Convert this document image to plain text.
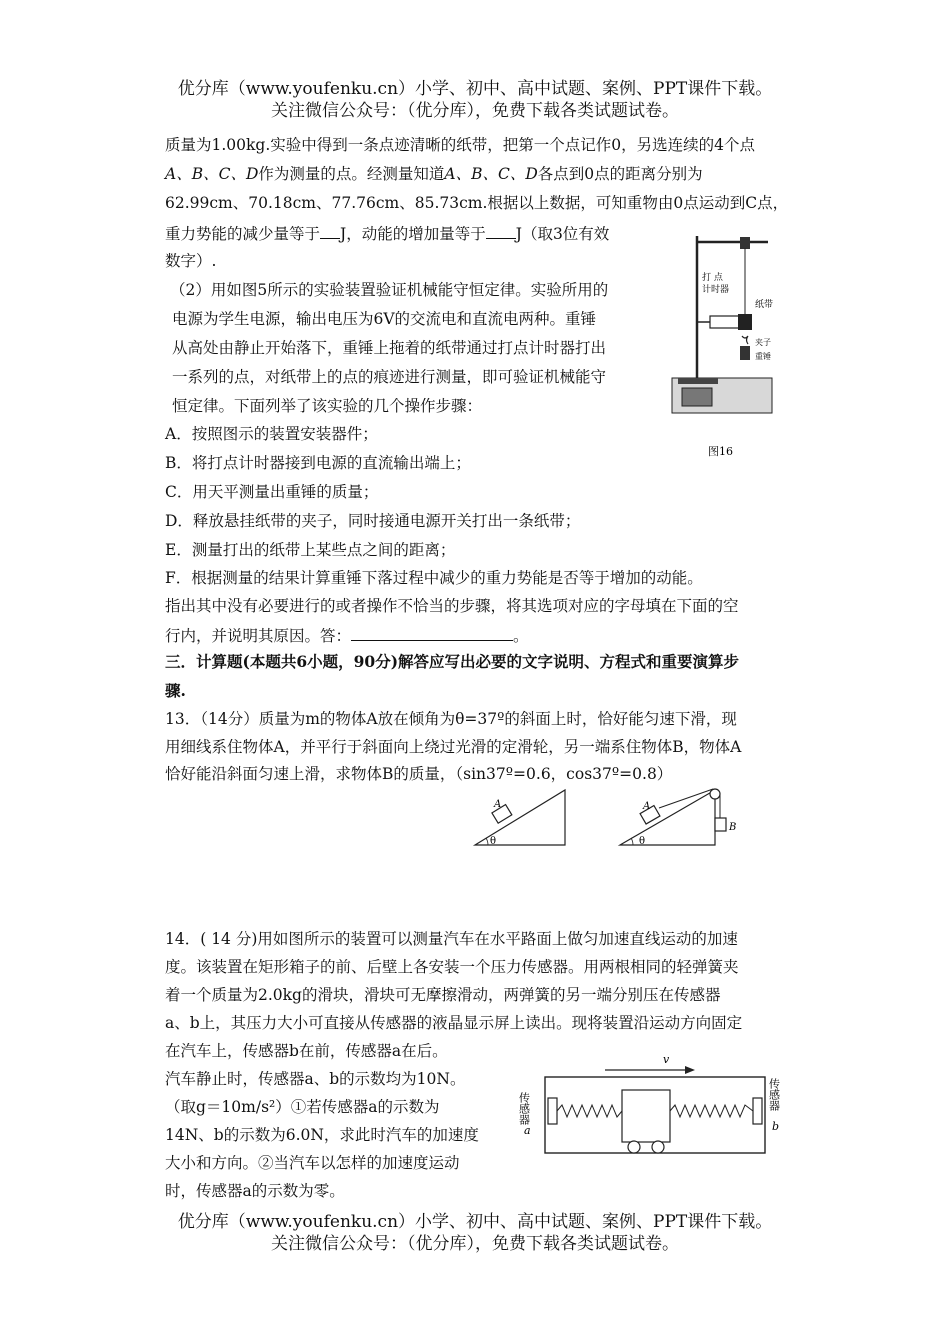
优分库（www.youfenku.cn）小学、初中、高中试题、案例、PPT课件下载。
关注微信公众号：（优分库），免费下载各类试题试卷。
质量为1.00kg.实验中得到一条点迹清晰的纸带，把第一个点记作0，另选连续的4个点
A、B、C、D作为测量的点。经测量知道A、B、C、D各点到0点的距离分别为
62.99cm、70.18cm、77.76cm、85.73cm.根据以上数据，可知重物由0点运动到C点，
重力势能的减少量等于 J，动能的增加量等于 J（取3位有效
数字）.
（2）用如图5所示的实验装置验证机械能守恒定律。实验所用的
电源为学生电源，输出电压为6V的交流电和直流电两种。重锤
从高处由静止开始落下，重锤上拖着的纸带通过打点计时器打出
一系列的点，对纸带上的点的痕迹进行测量，即可验证机械能守
恒定律。下面列举了该实验的几个操作步骤：
A．按照图示的装置安装器件；
B．将打点计时器接到电源的直流输出端上；
C．用天平测量出重锤的质量；
D．释放悬挂纸带的夹子，同时接通电源开关打出一条纸带；
E．测量打出的纸带上某些点之间的距离；
F．根据测量的结果计算重锤下落过程中减少的重力势能是否等于增加的动能。
指出其中没有必要进行的或者操作不恰当的步骤，将其选项对应的字母填在下面的空
行内，并说明其原因。答：	。
打 点
计时器
纸带
夹子
重锤
图16
三．计算题(本题共6小题，90分)解答应写出必要的文字说明、方程式和重要演算步
骤.
13．（14分）质量为m的物体A放在倾角为θ=37º的斜面上时，恰好能匀速下滑，现
用细线系住物体A，并平行于斜面向上绕过光滑的定滑轮，另一端系住物体B，物体A
恰好能沿斜面匀速上滑，求物体B的质量，（sin37º=0.6，cos37º=0.8）
A
θ
B
A
θ
14．( 14 分)用如图所示的装置可以测量汽车在水平路面上做匀加速直线运动的加速
度。该装置在矩形箱子的前、后壁上各安装一个压力传感器。用两根相同的轻弹簧夹
着一个质量为2.0kg的滑块，滑块可无摩擦滑动，两弹簧的另一端分别压在传感器
a、b上，其压力大小可直接从传感器的液晶显示屏上读出。现将装置沿运动方向固定
在汽车上，传感器b在前，传感器a在后。
汽车静止时，传感器a、b的示数均为10N。
（取g＝10m/s²）①若传感器a的示数为
14N、b的示数为6.0N，求此时汽车的加速度
大小和方向。②当汽车以怎样的加速度运动
时，传感器a的示数为零。
v
传感器
a
传感器
b
优分库（www.youfenku.cn）小学、初中、高中试题、案例、PPT课件下载。
关注微信公众号：（优分库），免费下载各类试题试卷。
